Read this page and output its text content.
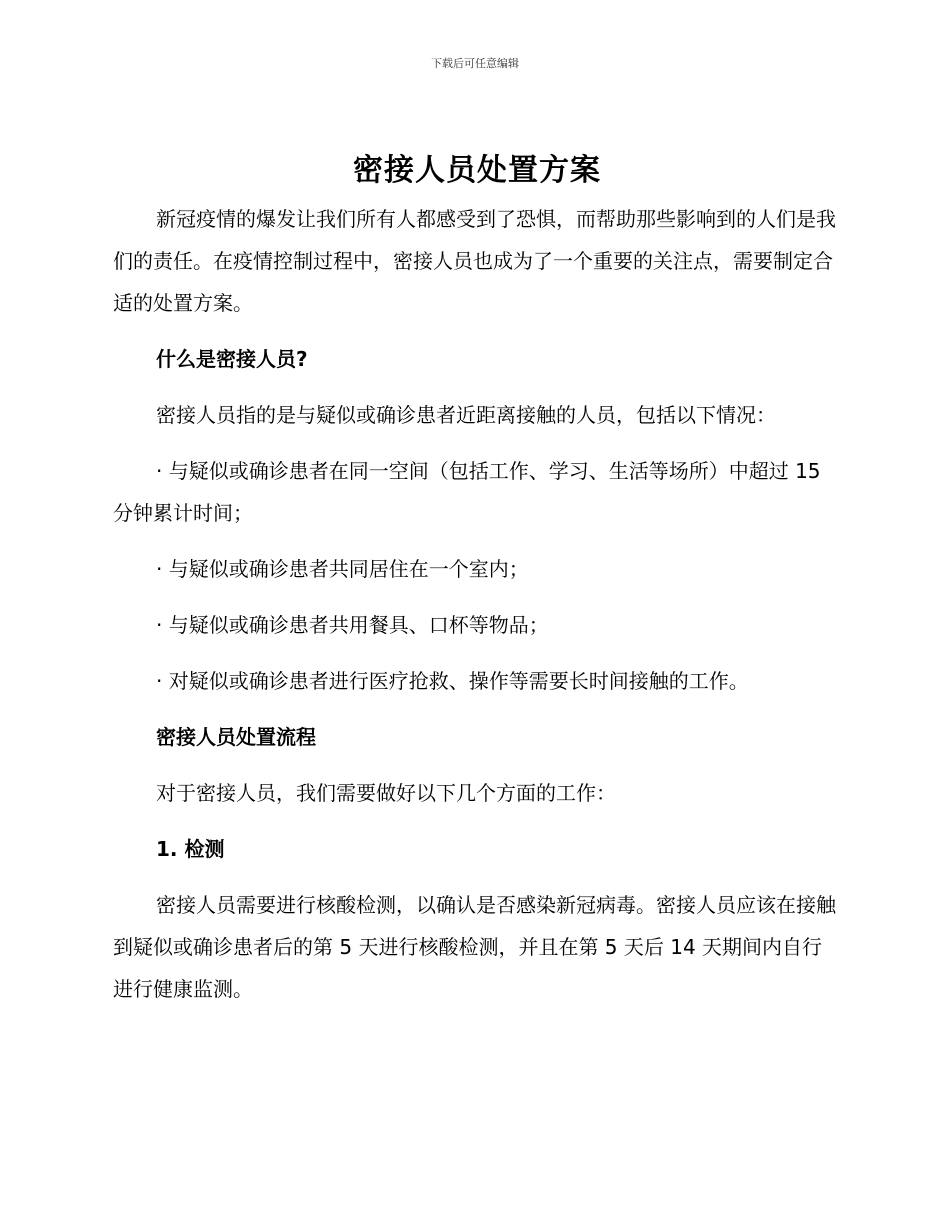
下载后可任意编辑
密接人员处置方案

新冠疫情的爆发让我们所有人都感受到了恐惧，而帮助那些影响到的人们是我们的责任。在疫情控制过程中，密接人员也成为了一个重要的关注点，需要制定合适的处置方案。

什么是密接人员?

密接人员指的是与疑似或确诊患者近距离接触的人员，包括以下情况：

· 与疑似或确诊患者在同一空间（包括工作、学习、生活等场所）中超过 15 分钟累计时间；

· 与疑似或确诊患者共同居住在一个室内；

· 与疑似或确诊患者共用餐具、口杯等物品；

· 对疑似或确诊患者进行医疗抢救、操作等需要长时间接触的工作。

密接人员处置流程

对于密接人员，我们需要做好以下几个方面的工作：

1. 检测

密接人员需要进行核酸检测，以确认是否感染新冠病毒。密接人员应该在接触到疑似或确诊患者后的第 5 天进行核酸检测，并且在第 5 天后 14 天期间内自行进行健康监测。
